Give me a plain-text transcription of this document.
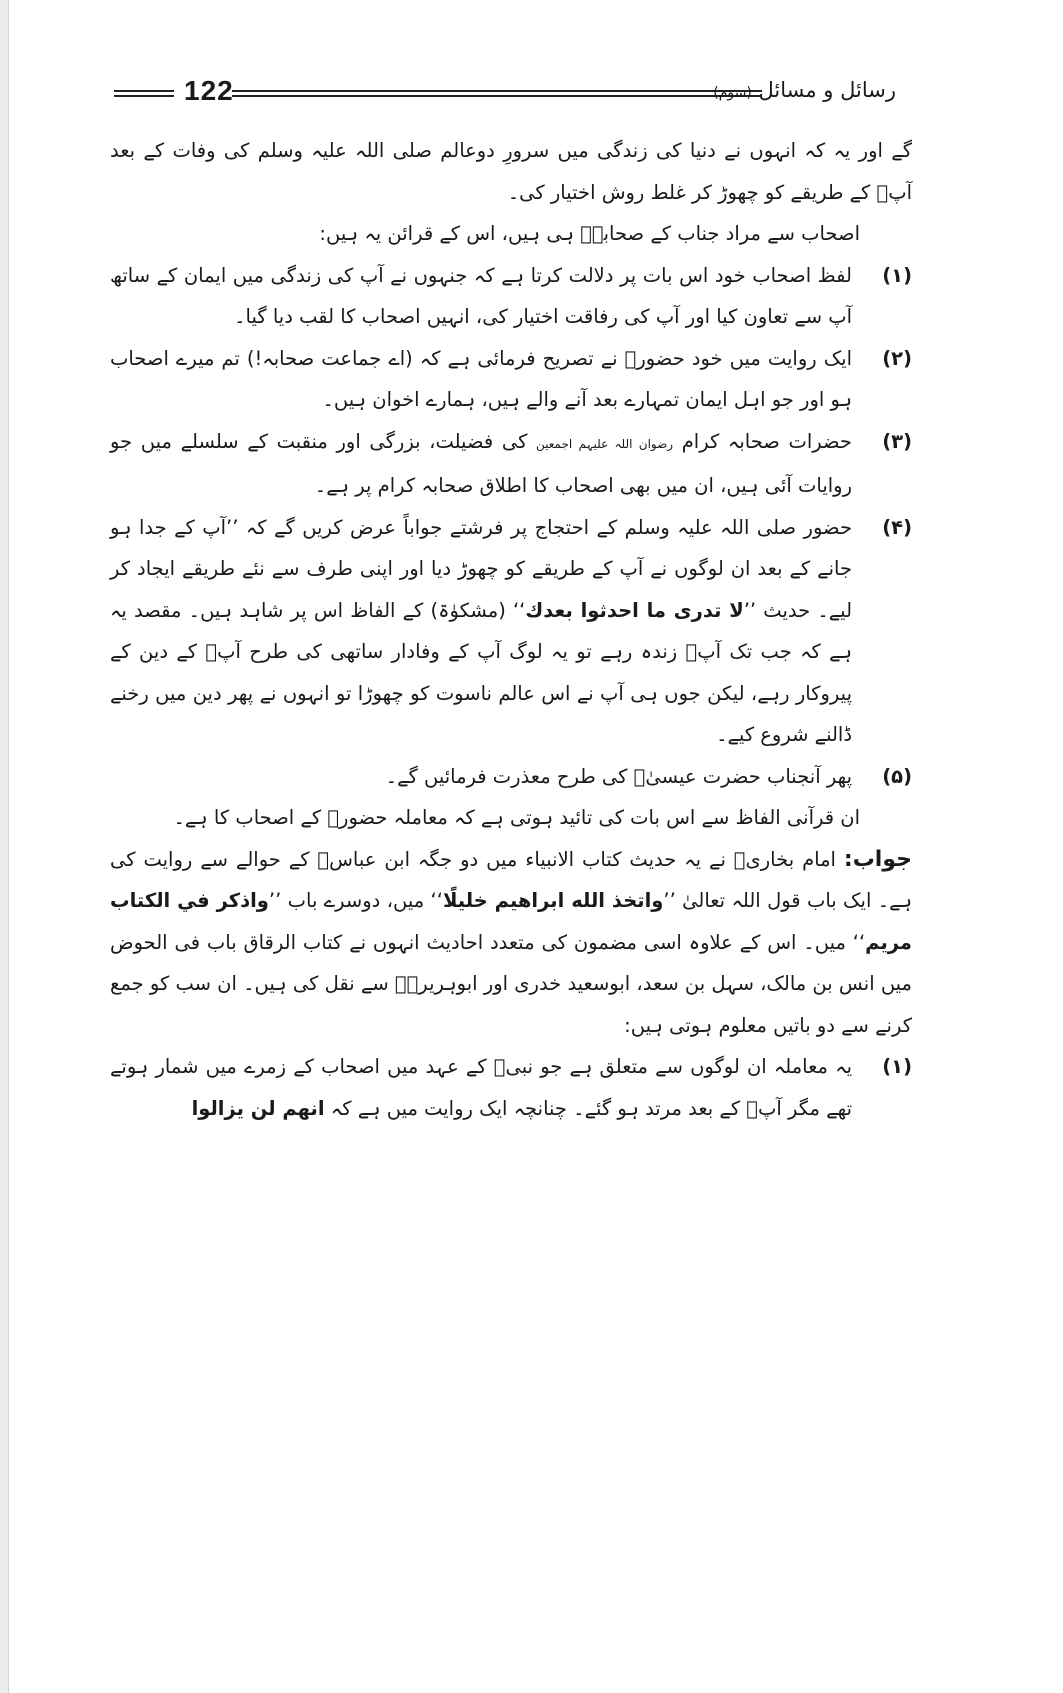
122	رسائل و مسائل (سوم)

گے اور یہ کہ انہوں نے دنیا کی زندگی میں سرورِ دوعالم صلی اللہ علیہ وسلم کی وفات کے بعد آپؐ کے طریقے کو چھوڑ کر غلط روش اختیار کی۔

اصحاب سے مراد جناب کے صحابہؓ ہی ہیں، اس کے قرائن یہ ہیں:

(۱)
لفظ اصحاب خود اس بات پر دلالت کرتا ہے کہ جنہوں نے آپ کی زندگی میں ایمان کے ساتھ آپ سے تعاون کیا اور آپ کی رفاقت اختیار کی، انہیں اصحاب کا لقب دیا گیا۔

(۲)
ایک روایت میں خود حضورؐ نے تصریح فرمائی ہے کہ (اے جماعت صحابہ!) تم میرے اصحاب ہو اور جو اہل ایمان تمہارے بعد آنے والے ہیں، ہمارے اخوان ہیں۔

(۳)
حضرات صحابہ کرام رضوان اللہ علیہم اجمعین کی فضیلت، بزرگی اور منقبت کے سلسلے میں جو روایات آئی ہیں، ان میں بھی اصحاب کا اطلاق صحابہ کرام پر ہے۔

(۴)
حضور صلی اللہ علیہ وسلم کے احتجاج پر فرشتے جواباً عرض کریں گے کہ ’’آپ کے جدا ہو جانے کے بعد ان لوگوں نے آپ کے طریقے کو چھوڑ دیا اور اپنی طرف سے نئے طریقے ایجاد کر لیے۔ حدیث ’’لا تدری ما احدثوا بعدك‘‘ (مشکوٰۃ) کے الفاظ اس پر شاہد ہیں۔ مقصد یہ ہے کہ جب تک آپؐ زندہ رہے تو یہ لوگ آپ کے وفادار ساتھی کی طرح آپؐ کے دین کے پیروکار رہے، لیکن جوں ہی آپ نے اس عالم ناسوت کو چھوڑا تو انہوں نے پھر دین میں رخنے ڈالنے شروع کیے۔

(۵)
پھر آنجناب حضرت عیسیٰؑ کی طرح معذرت فرمائیں گے۔

ان قرآنی الفاظ سے اس بات کی تائید ہوتی ہے کہ معاملہ حضورؐ کے اصحاب کا ہے۔

جواب: امام بخاریؒ نے یہ حدیث کتاب الانبیاء میں دو جگہ ابن عباسؓ کے حوالے سے روایت کی ہے۔ ایک باب قول اللہ تعالیٰ ’’واتخذ الله ابراهيم خليلًا‘‘ میں، دوسرے باب ’’واذكر في الكتاب مريم‘‘ میں۔ اس کے علاوہ اسی مضمون کی متعدد احادیث انہوں نے کتاب الرقاق باب فی الحوض میں انس بن مالک، سہل بن سعد، ابوسعید خدری اور ابوہریرہؓ سے نقل کی ہیں۔ ان سب کو جمع کرنے سے دو باتیں معلوم ہوتی ہیں:

(۱)
یہ معاملہ ان لوگوں سے متعلق ہے جو نبیؐ کے عہد میں اصحاب کے زمرے میں شمار ہوتے تھے مگر آپؐ کے بعد مرتد ہو گئے۔ چنانچہ ایک روایت میں ہے کہ انهم لن يزالوا
